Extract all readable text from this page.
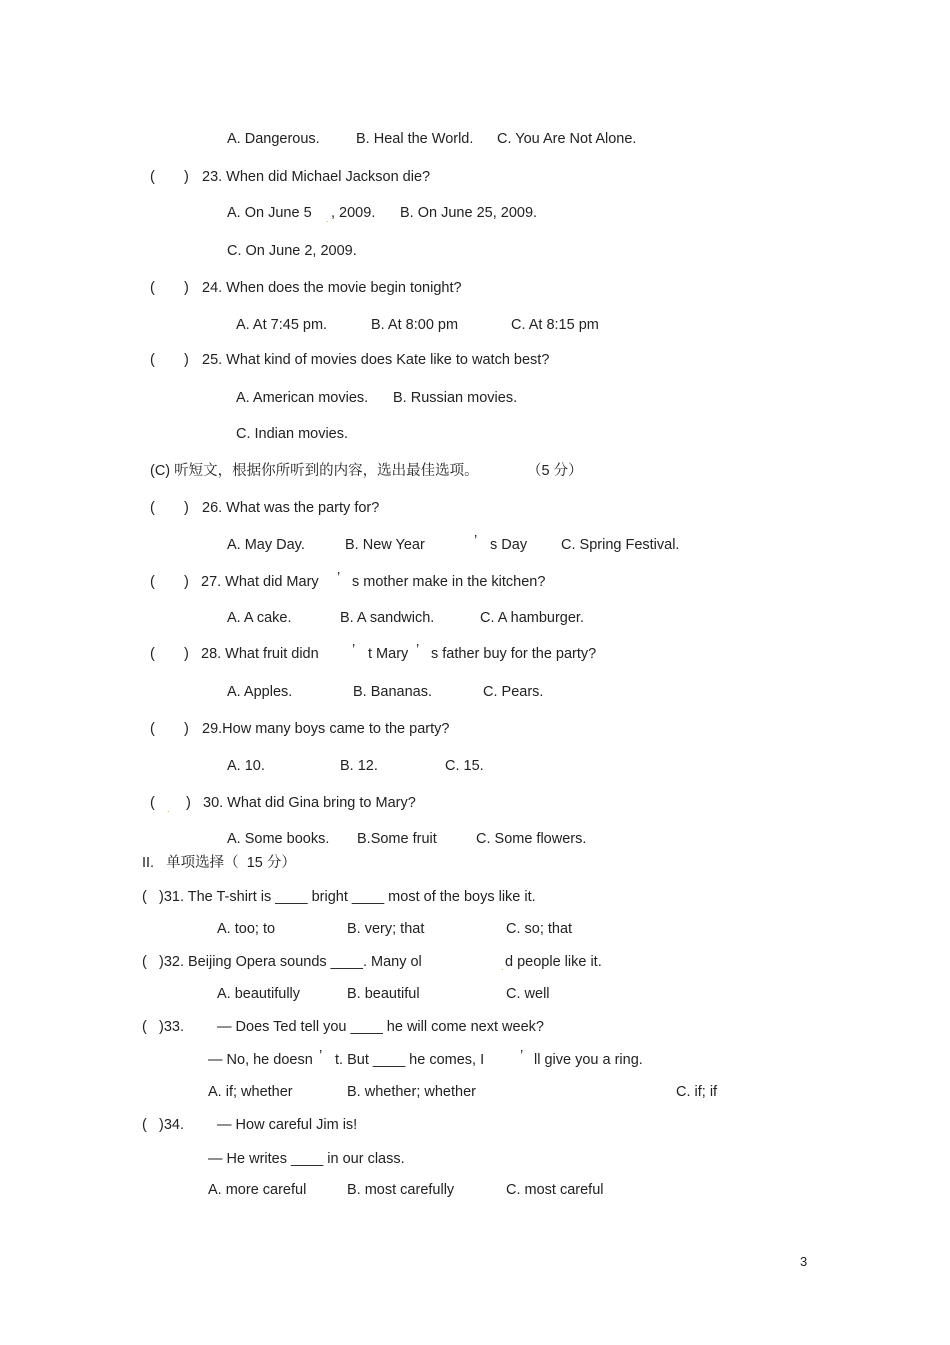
A. Dangerous.	B. Heal the World. C. You Are Not Alone.
( ) 23. When did Michael Jackson die?
A. On June 5 . , 2009. B. On June 25, 2009.
C. On June 2, 2009.
( ) 24. When does the movie begin tonight?
A. At 7:45 pm.	B. At 8:00 pm	C. At 8:15 pm
( ) 25. What kind of movies does Kate like to watch best?
A. American movies. B. Russian movies.
C. Indian movies.
(C) 听短文，根据你所听到的内容，选出最佳选项。	（5 分）
( ) 26. What was the party for?
A. May Day.	B. New Year	’ s Day C. Spring Festival.
( ) 27. What did Mary ’ s mother make in the kitchen?
A. A cake.	B. A sandwich.	C. A hamburger.
( ) 28. What fruit didn ’ t Mary ’ s father buy for the party?
A. Apples.	B. Bananas.	C. Pears.
( ) 29.How many boys came to the party?
A. 10.	B. 12.	C. 15.
( . ) 30. What did Gina bring to Mary?
A. Some books. B.Some fruit	C. Some flowers.
II.   单项选择（  15 分）
( )31. The T-shirt is ____ bright ____ most of the boys like it.
A. too; to	B. very; that	C. so; that
( )32. Beijing Opera sounds ____. Many ol	. d people like it.
A. beautifully	B. beautiful	C. well
( )33. — Does Ted tell you ____ he will come next week?
— No, he doesn ’ t. But ____ he comes, I ’ ll give you a ring.
A. if; whether	B. whether; whether	C. if; if
( )34. — How careful Jim is!
— He writes ____ in our class.
A. more careful	B. most carefully	C. most careful
3
